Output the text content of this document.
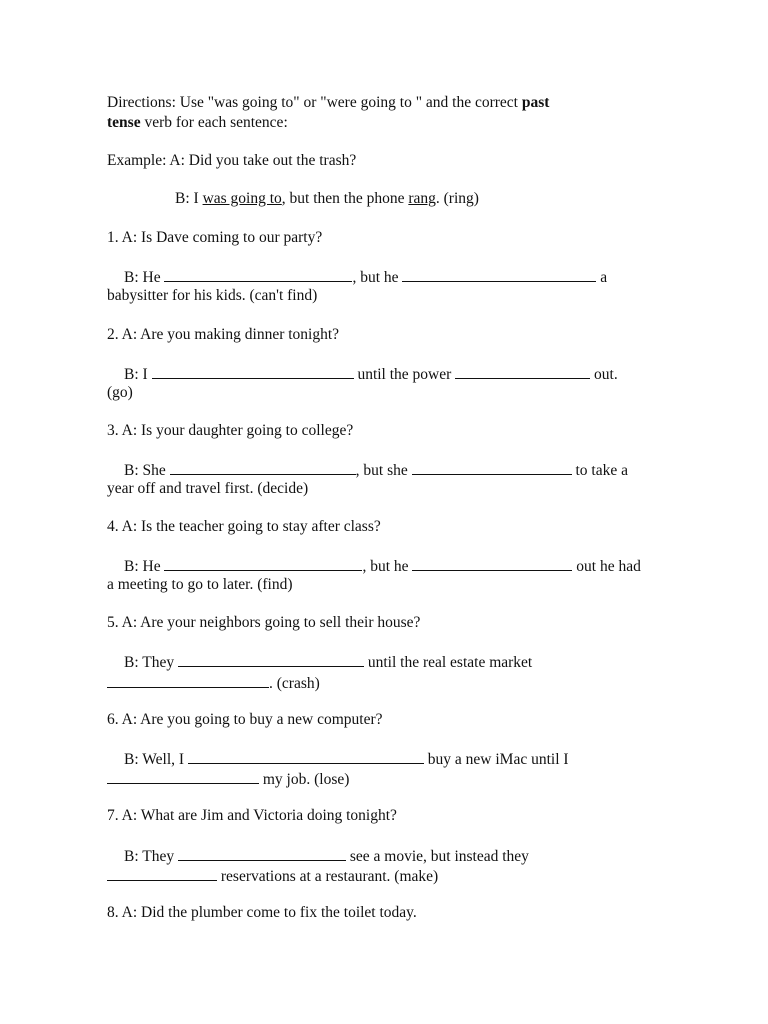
Directions: Use "was going to" or "were going to " and the correct past
tense verb for each sentence:
Example: A: Did you take out the trash?
B: I was going to, but then the phone rang. (ring)
1. A: Is Dave coming to our party?
B: He	, but he	a
babysitter for his kids. (can't find)
2. A: Are you making dinner tonight?
B: I	until the power	out.
(go)
3. A: Is your daughter going to college?
B: She	, but she	to take a
year off and travel first. (decide)
4. A: Is the teacher going to stay after class?
B: He	, but he	out he had
a meeting to go to later. (find)
5. A: Are your neighbors going to sell their house?
B: They	until the real estate market
. (crash)
6. A: Are you going to buy a new computer?
B: Well, I	buy a new iMac until I
my job. (lose)
7. A: What are Jim and Victoria doing tonight?
B: They	see a movie, but instead they
reservations at a restaurant. (make)
8. A: Did the plumber come to fix the toilet today.
